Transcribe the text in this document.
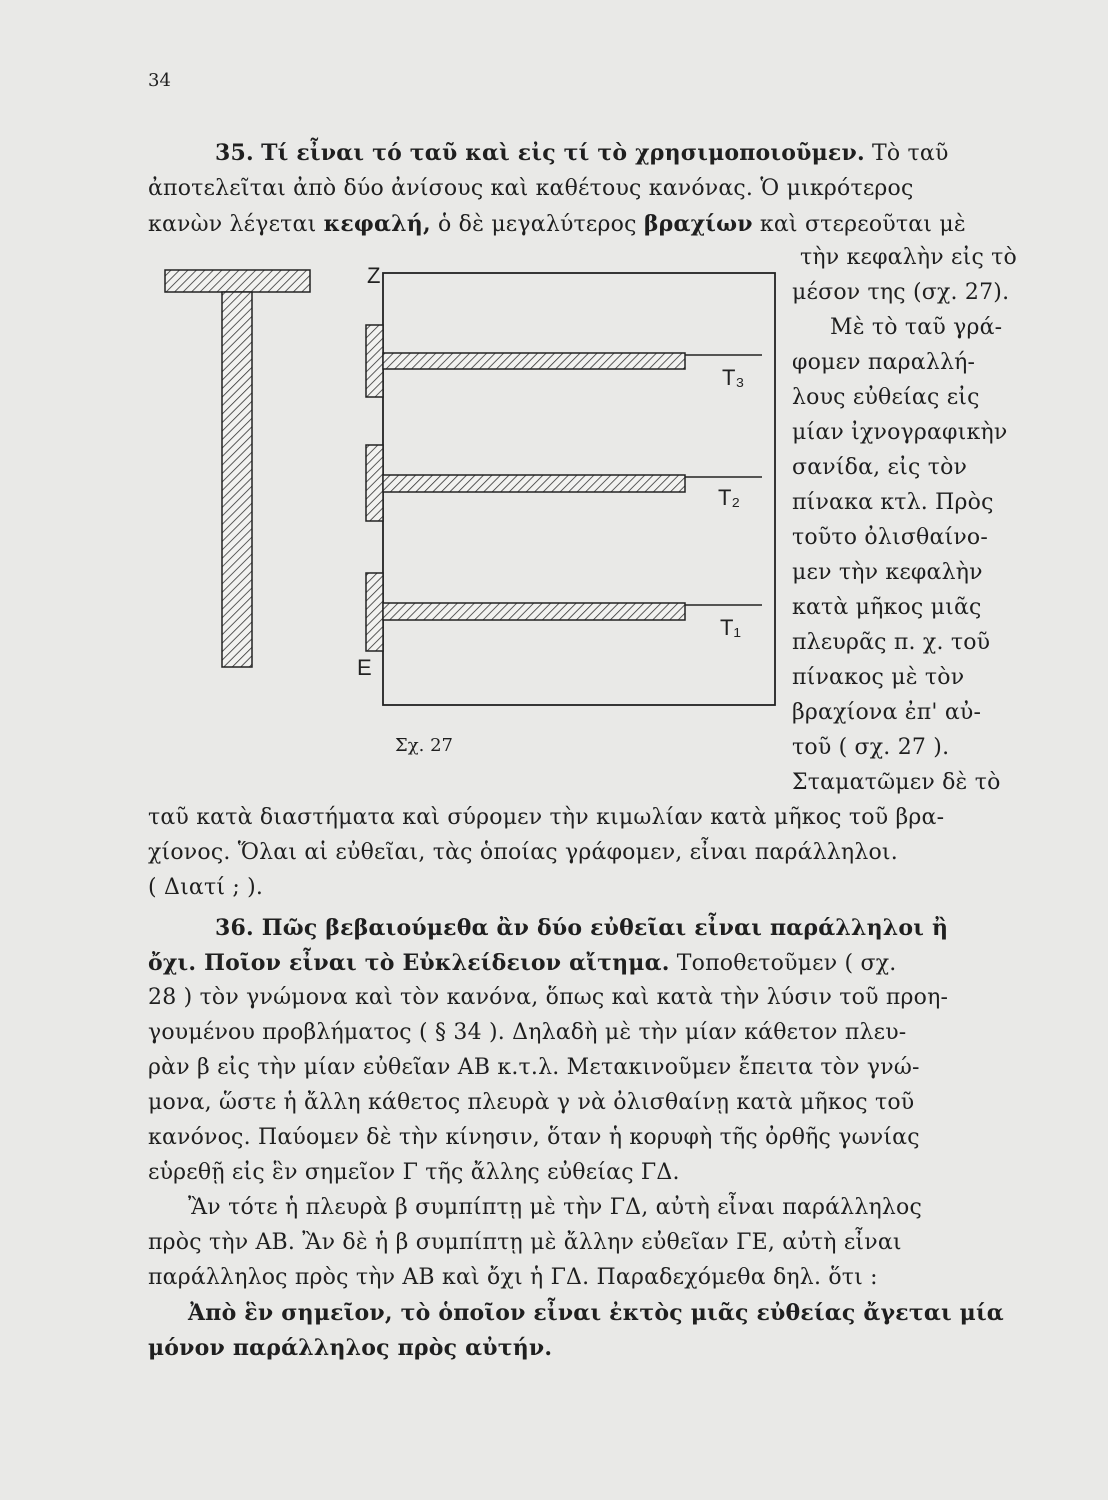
34
35. Τί εἶναι τό ταῦ καὶ εἰς τί τὸ χρησιμοποιοῦμεν. Τὸ ταῦ
ἀποτελεῖται ἀπὸ δύο ἀνίσους καὶ καθέτους κανόνας. Ὁ μικρότερος
κανὼν λέγεται κεφαλή, ὁ δὲ μεγαλύτερος βραχίων καὶ στερεοῦται μὲ
τὴν κεφαλὴν εἰς τὸ
μέσον της (σχ. 27).
Μὲ τὸ ταῦ γρά-
φομεν παραλλή-
λους εὐθείας εἰς
μίαν ἰχνογραφικὴν
σανίδα, εἰς τὸν
πίνακα κτλ. Πρὸς
τοῦτο ὀλισθαίνο-
μεν τὴν κεφαλὴν
κατὰ μῆκος μιᾶς
πλευρᾶς π. χ. τοῦ
πίνακος μὲ τὸν
βραχίονα ἐπ' αὐ-
τοῦ ( σχ. 27 ).
Σταματῶμεν δὲ τὸ
Z
Ε
T₃
T₂
T₁
Σχ. 27
ταῦ κατὰ διαστήματα καὶ σύρομεν τὴν κιμωλίαν κατὰ μῆκος τοῦ βρα-
χίονος. Ὅλαι αἱ εὐθεῖαι, τὰς ὁποίας γράφομεν, εἶναι παράλληλοι.
( Διατί ; ).
36. Πῶς βεβαιούμεθα ἂν δύο εὐθεῖαι εἶναι παράλληλοι ἢ
ὄχι. Ποῖον εἶναι τὸ Εὐκλείδειον αἴτημα. Τοποθετοῦμεν ( σχ.
28 ) τὸν γνώμονα καὶ τὸν κανόνα, ὅπως καὶ κατὰ τὴν λύσιν τοῦ προη-
γουμένου προβλήματος ( § 34 ). Δηλαδὴ μὲ τὴν μίαν κάθετον πλευ-
ρὰν β εἰς τὴν μίαν εὐθεῖαν ΑΒ κ.τ.λ. Μετακινοῦμεν ἔπειτα τὸν γνώ-
μονα, ὥστε ἡ ἄλλη κάθετος πλευρὰ γ νὰ ὀλισθαίνῃ κατὰ μῆκος τοῦ
κανόνος. Παύομεν δὲ τὴν κίνησιν, ὅταν ἡ κορυφὴ τῆς ὀρθῆς γωνίας
εὑρεθῇ εἰς ἓν σημεῖον Γ τῆς ἄλλης εὐθείας ΓΔ.
Ἂν τότε ἡ πλευρὰ β συμπίπτῃ μὲ τὴν ΓΔ, αὐτὴ εἶναι παράλληλος
πρὸς τὴν ΑΒ. Ἂν δὲ ἡ β συμπίπτῃ μὲ ἄλλην εὐθεῖαν ΓΕ, αὐτὴ εἶναι
παράλληλος πρὸς τὴν ΑΒ καὶ ὄχι ἡ ΓΔ. Παραδεχόμεθα δηλ. ὅτι :
Ἀπὸ ἓν σημεῖον, τὸ ὁποῖον εἶναι ἐκτὸς μιᾶς εὐθείας ἄγεται μία
μόνον παράλληλος πρὸς αὐτήν.
